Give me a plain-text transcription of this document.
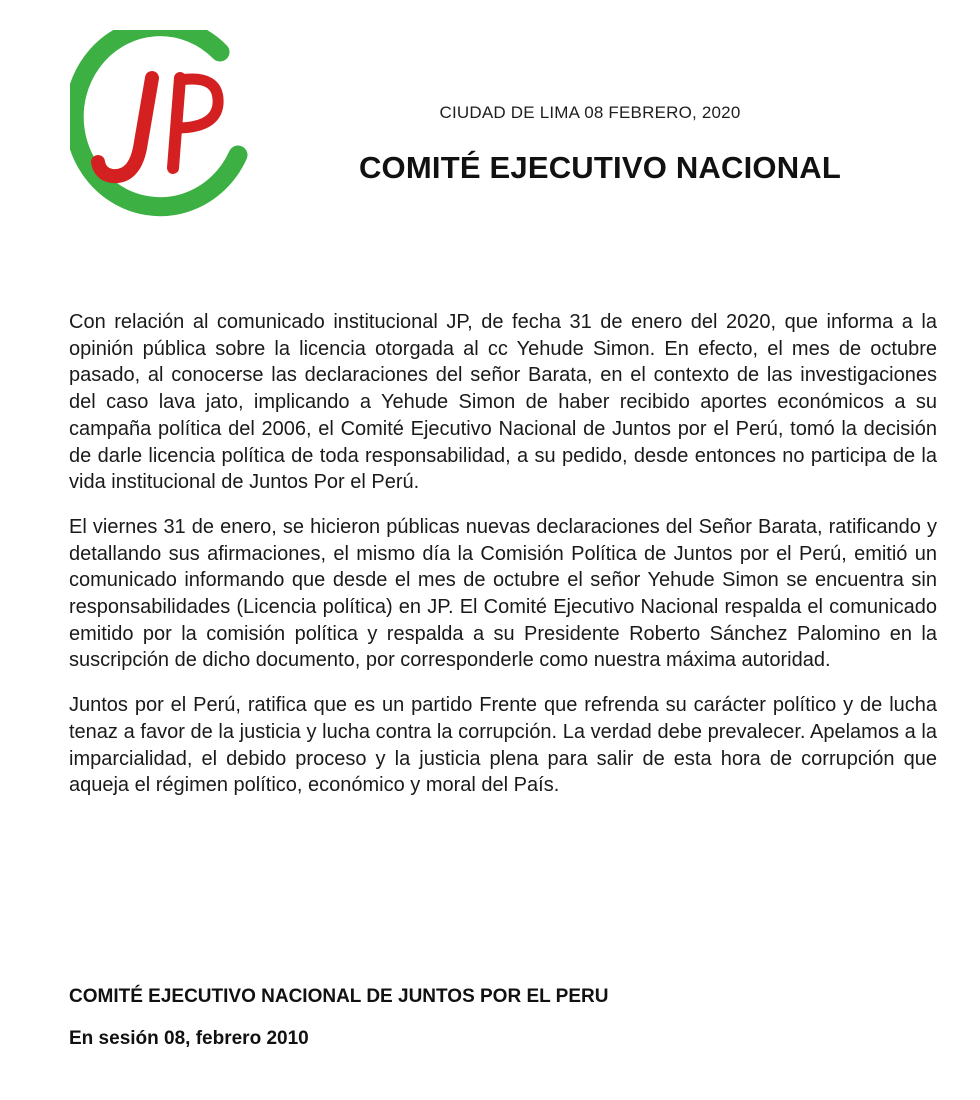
CIUDAD DE LIMA 08 FEBRERO, 2020
COMITÉ EJECUTIVO NACIONAL

Con relación al comunicado institucional JP, de fecha 31 de enero del 2020, que informa a la opinión pública sobre la licencia otorgada al cc Yehude Simon. En efecto, el mes de octubre pasado, al conocerse las declaraciones del señor Barata, en el contexto de las investigaciones del caso lava jato, implicando a Yehude Simon de haber recibido aportes económicos a su campaña política del 2006, el Comité Ejecutivo Nacional de Juntos por el Perú, tomó la decisión de darle licencia política de toda responsabilidad, a su pedido, desde entonces no participa de la vida institucional de Juntos Por el Perú.

El viernes 31 de enero, se hicieron públicas nuevas declaraciones del Señor Barata, ratificando y detallando sus afirmaciones, el mismo día la Comisión Política de Juntos por el Perú, emitió un comunicado informando que desde el mes de octubre el señor Yehude Simon se encuentra sin responsabilidades (Licencia política) en JP. El Comité Ejecutivo Nacional respalda el comunicado emitido por la comisión política y respalda a su Presidente Roberto Sánchez Palomino en la suscripción de dicho documento, por corresponderle como nuestra máxima autoridad.

Juntos por el Perú, ratifica que es un partido Frente que refrenda su carácter político y de lucha tenaz a favor de la justicia y lucha contra la corrupción. La verdad debe prevalecer. Apelamos a la imparcialidad, el debido proceso y la justicia plena para salir de esta hora de corrupción que aqueja el régimen político, económico y moral del País.

COMITÉ EJECUTIVO NACIONAL DE JUNTOS POR EL PERU

En sesión 08, febrero 2010
